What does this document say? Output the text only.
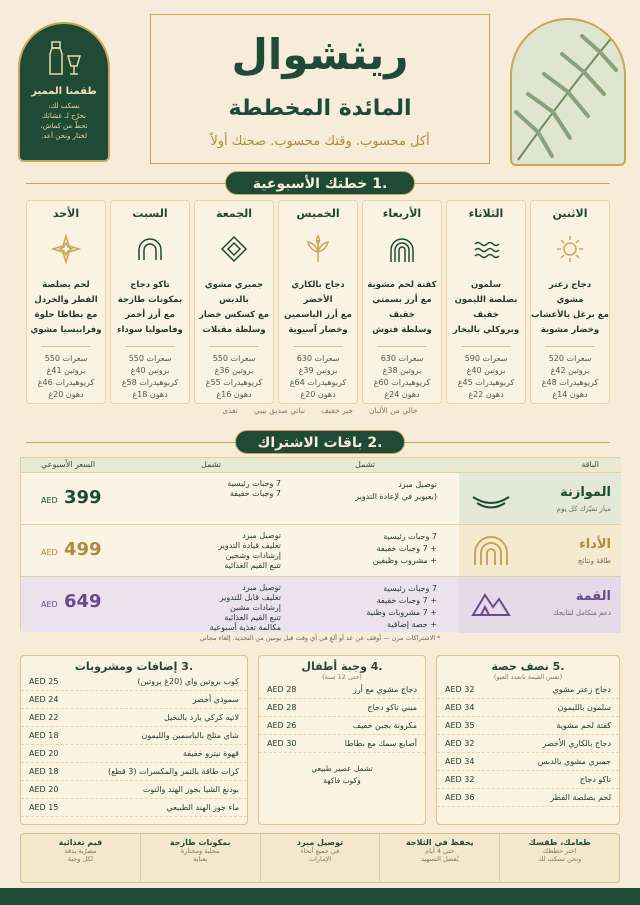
طقمنا المميز
نسكب لك،
نحرّج لـ عشائك
تحطّ من كماش،
لختار ونحن أعد.
ريثشوال
المائدة المخططة
أكل محسوب. وقتك محسوب. صحتك أولاً
.1 خطتك الأسبوعية
الاثنين
دجاج زعتر
مشوي
مع برغل بالأعشاب
وخضار مشوية
سعرات 520
بروتين 42غ
كربوهيدرات 48غ
دهون 14غ
الثلاثاء
سلمون
بصلصة الليمون
خفيف
وبروكلي بالبخار
سعرات 590
بروتين 40غ
كربوهيدرات 45غ
دهون 22غ
الأربعاء
كفتة لحم مشوية
مع أرز بسمتي
خفيف
وسلطة فتوش
سعرات 630
بروتين 38غ
كربوهيدرات 60غ
دهون 24غ
الخميس
دجاج بالكاري
الأخضر
مع أرز الياسمين
وخضار آسيوية
سعرات 630
بروتين 39غ
كربوهيدرات 64غ
دهون 20غ
الجمعة
جمبري مشوي
بالدبس
مع كسكس خضار
وسلطة مقبلات
سعرات 550
بروتين 36غ
كربوهيدرات 55غ
دهون 16غ
السبت
تاكو دجاج
بمكونات طازجة
مع أرز أحمر
وفاصوليا سوداء
سعرات 550
بروتين 40غ
كربوهيدرات 58غ
دهون 18غ
الأحد
لحم بصلصة
الفطر والخردل
مع بطاطا حلوة
وفرابيسيا مشوي
سعرات 550
بروتين 41غ
كربوهيدرات 46غ
دهون 20غ
خالي من الألبان
خير خفيف
نباتي صديق بيبي
تغذى
.2 باقات الاشتراك
الباقة
تشمل
تشمل
السعر الأسبوعي
الموازنة
ميار تميّزك كل يوم
توصيل مبرد
(بعبوير في لإعادة التدوير
7 وجبات رئيسية
7 وجبات خفيفة
AED 399
الأداء
طاقة ونتائج
7 وجبات رئيسية
+ 7 وجبات خفيفة
+ مشروب وظيفين
توصيل مبرد
تغليف قيادة التدوير
إرشادات وشحين
تتبع القيم الغذائية
AED 499
القمة
دعم متكامل لنتايجك
7 وجبات رئيسية
+ 7 وجبات خفيفة
+ 7 مشروبات وظنية
+ حصة إضافية
توصيل مبرد
تغليف قابل للتدوير
إرشادات مشين
تتبع القيم الغذائية
مكالمة تغذية أسبوعية
AED 649
* الاشتراكات مرن — أوقف عن عد أو ألغِ في أي وقت قبل يومين من التجديد. إلغاء مجاني
.5 نصف حصة
(نفس القيمة بانعدد العيو)
دجاج زعتر مشوي
AED 32
سلمون بالليمون
AED 34
كفتة لحم مشوية
AED 35
دجاج بالكاري الأخضر
AED 32
جمبري مشوي بالدبس
AED 34
تاكو دجاج
AED 32
لحم بصلصة الفطر
AED 36
.4 وجبة أطفال
(حتى 12 سنة)
دجاج مشوي مع أرز
AED 28
ميني تاكو دجاج
AED 28
مكرونة بجبن خفيف
AED 26
أصابع سمك مع بطاطا
AED 30
تشمل عصير طبيعي
وكوب فاكهة
.3 إضافات ومشروبات
كوب بروتين واي (20غ بروتين)
AED 25
سموذي أخضر
AED 24
لاتيه كركي بارد بالنخيل
AED 22
شاي مثلج بالياسمين والليمون
AED 18
قهوة نيترو خفيفة
AED 20
كرات طاقة بالتمر والمكسرات (3 قطع)
AED 18
بودنغ الشيا بجوز الهند والتوت
AED 20
ماء جوز الهند الطبيعي
AED 15
طعامك، طقسك
اختر خططك
ونحن نسكب لك
يحفظ في الثلاجة
حتى 4 أيام
يُفضل التسهيد
توصيل مبرد
في جميع أنحاء
الإمارات
بمكونات طازجة
محلية ومختارة
بعناية
قيم تغذائية
مصرّبة بدقة
لكل وجبة
